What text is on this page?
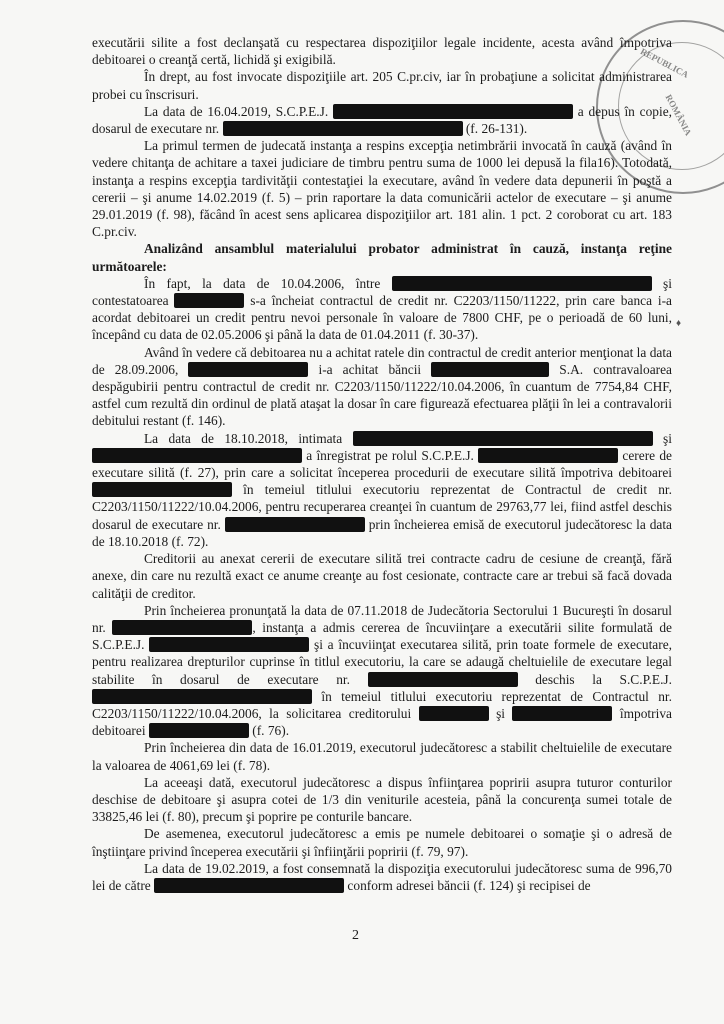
REPUBLICA
ROMÂNIA
♦

executării silite a fost declanşată cu respectarea dispoziţiilor legale incidente, acesta având împotriva debitoarei o creanţă certă, lichidă şi exigibilă.

În drept, au fost invocate dispoziţiile art. 205 C.pr.civ, iar în probaţiune a solicitat administrarea probei cu înscrisuri.

La data de 16.04.2019, S.C.P.E.J.	a depus în copie, dosarul de executare nr.	(f. 26-131).

La primul termen de judecată instanţa a respins excepţia netimbrării invocată în cauză (având în vedere chitanţa de achitare a taxei judiciare de timbru pentru suma de 1000 lei depusă la fila16). Totodată, instanţa a respins excepţia tardivităţii contestaţiei la executare, având în vedere data depunerii în poştă a cererii – şi anume 14.02.2019 (f. 5) – prin raportare la data comunicării actelor de executare – şi anume 29.01.2019 (f. 98), făcând în acest sens aplicarea dispoziţiilor art. 181 alin. 1 pct. 2 coroborat cu art. 183 C.pr.civ.

Analizând ansamblul materialului probator administrat în cauză, instanţa reţine următoarele:

În fapt, la data de 10.04.2006, între	şi contestatoarea	s-a încheiat contractul de credit nr. C2203/1150/11222, prin care banca i-a acordat debitoarei un credit pentru nevoi personale în valoare de 7800 CHF, pe o perioadă de 60 luni, începând cu data de 02.05.2006 şi până la data de 01.04.2011 (f. 30-37).

Având în vedere că debitoarea nu a achitat ratele din contractul de credit anterior menţionat la data de 28.09.2006,	i-a achitat băncii	S.A. contravaloarea despăgubirii pentru contractul de credit nr. C2203/1150/11222/10.04.2006, în cuantum de 7754,84 CHF, astfel cum rezultă din ordinul de plată ataşat la dosar în care figurează efectuarea plăţii în lei a contravalorii debitului restant (f. 146).

La data de 18.10.2018, intimata	şi  a înregistrat pe rolul S.C.P.E.J.	cerere de executare silită (f. 27), prin care a solicitat începerea procedurii de executare silită împotriva debitoarei  în temeiul titlului executoriu reprezentat de Contractul de credit nr. C2203/1150/11222/10.04.2006, pentru recuperarea creanţei în cuantum de 29763,77 lei, fiind astfel deschis dosarul de executare nr.	prin încheierea emisă de executorul judecătoresc la data de 18.10.2018 (f. 72).

Creditorii au anexat cererii de executare silită trei contracte cadru de cesiune de creanţă, fără anexe, din care nu rezultă exact ce anume creanţe au fost cesionate, contracte care ar trebui să facă dovada calităţii de creditor.

Prin încheierea pronunţată la data de 07.11.2018 de Judecătoria Sectorului 1 Bucureşti în dosarul nr.	, instanţa a admis cererea de încuviinţare a executării silite formulată de S.C.P.E.J.	şi a încuviinţat executarea silită, prin toate formele de executare, pentru realizarea drepturilor cuprinse în titlul executoriu, la care se adaugă cheltuielile de executare legal stabilite în dosarul de executare nr.	deschis la S.C.P.E.J.  în temeiul titlului executoriu reprezentat de Contractul nr. C2203/1150/11222/10.04.2006, la solicitarea creditorului	şi	împotriva debitoarei	(f. 76).

Prin încheierea din data de 16.01.2019, executorul judecătoresc a stabilit cheltuielile de executare la valoarea de 4061,69 lei (f. 78).

La aceeaşi dată, executorul judecătoresc a dispus înfiinţarea popririi asupra tuturor conturilor deschise de debitoare şi asupra cotei de 1/3 din veniturile acesteia, până la concurenţa sumei totale de 33825,46 lei (f. 80), precum şi poprire pe conturile bancare.

De asemenea, executorul judecătoresc a emis pe numele debitoarei o somaţie şi o adresă de înştiinţare privind începerea executării şi înfiinţării popririi (f. 79, 97).

La data de 19.02.2019, a fost consemnată la dispoziţia executorului judecătoresc suma de 996,70 lei de către	conform adresei băncii (f. 124) şi recipisei de

2
